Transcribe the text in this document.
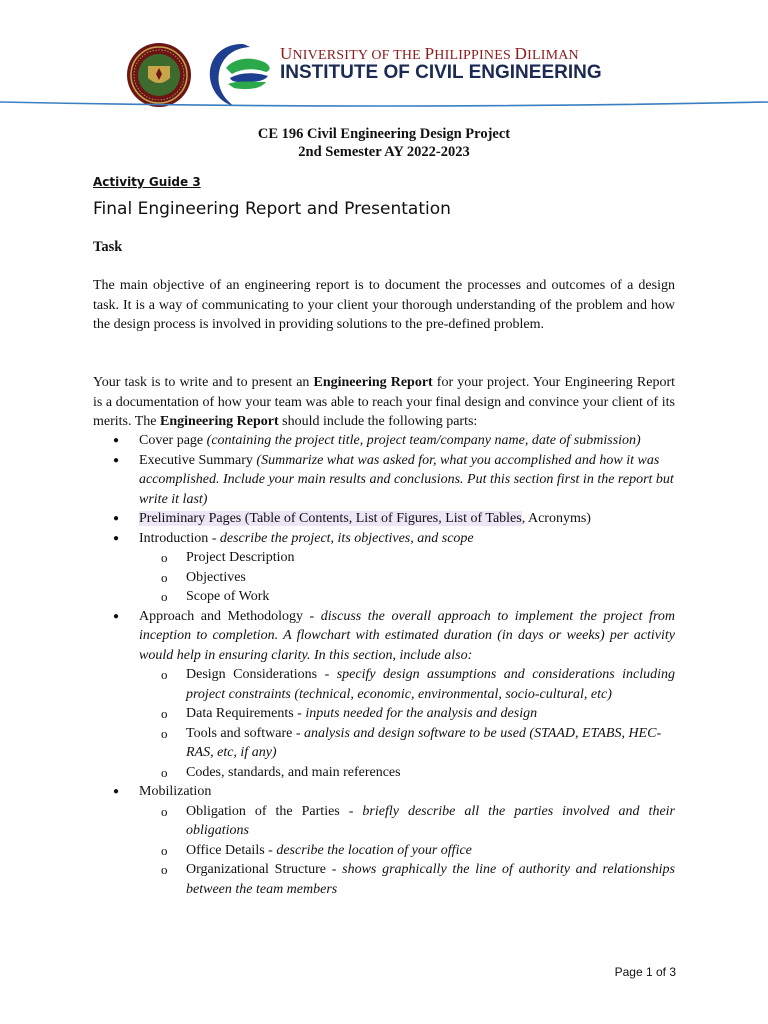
UNIVERSITY OF THE PHILIPPINES DILIMAN
INSTITUTE OF CIVIL ENGINEERING
CE 196 Civil Engineering Design Project
2nd Semester AY 2022-2023
Activity Guide 3
Final Engineering Report and Presentation
Task
The main objective of an engineering report is to document the processes and outcomes of a design task. It is a way of communicating to your client your thorough understanding of the problem and how the design process is involved in providing solutions to the pre-defined problem.
Your task is to write and to present an Engineering Report for your project. Your Engineering Report is a documentation of how your team was able to reach your final design and convince your client of its merits. The Engineering Report should include the following parts:
● Cover page (containing the project title, project team/company name, date of submission)
● Executive Summary (Summarize what was asked for, what you accomplished and how it was accomplished. Include your main results and conclusions. Put this section first in the report but write it last)
● Preliminary Pages (Table of Contents, List of Figures, List of Tables, Acronyms)
● Introduction - describe the project, its objectives, and scope
o Project Description
o Objectives
o Scope of Work
● Approach and Methodology - discuss the overall approach to implement the project from inception to completion. A flowchart with estimated duration (in days or weeks) per activity would help in ensuring clarity. In this section, include also:
o Design Considerations - specify design assumptions and considerations including project constraints (technical, economic, environmental, socio-cultural, etc)
o Data Requirements - inputs needed for the analysis and design
o Tools and software - analysis and design software to be used (STAAD, ETABS, HEC-RAS, etc, if any)
o Codes, standards, and main references
● Mobilization
o Obligation of the Parties - briefly describe all the parties involved and their obligations
o Office Details - describe the location of your office
o Organizational Structure - shows graphically the line of authority and relationships between the team members
Page 1 of 3
